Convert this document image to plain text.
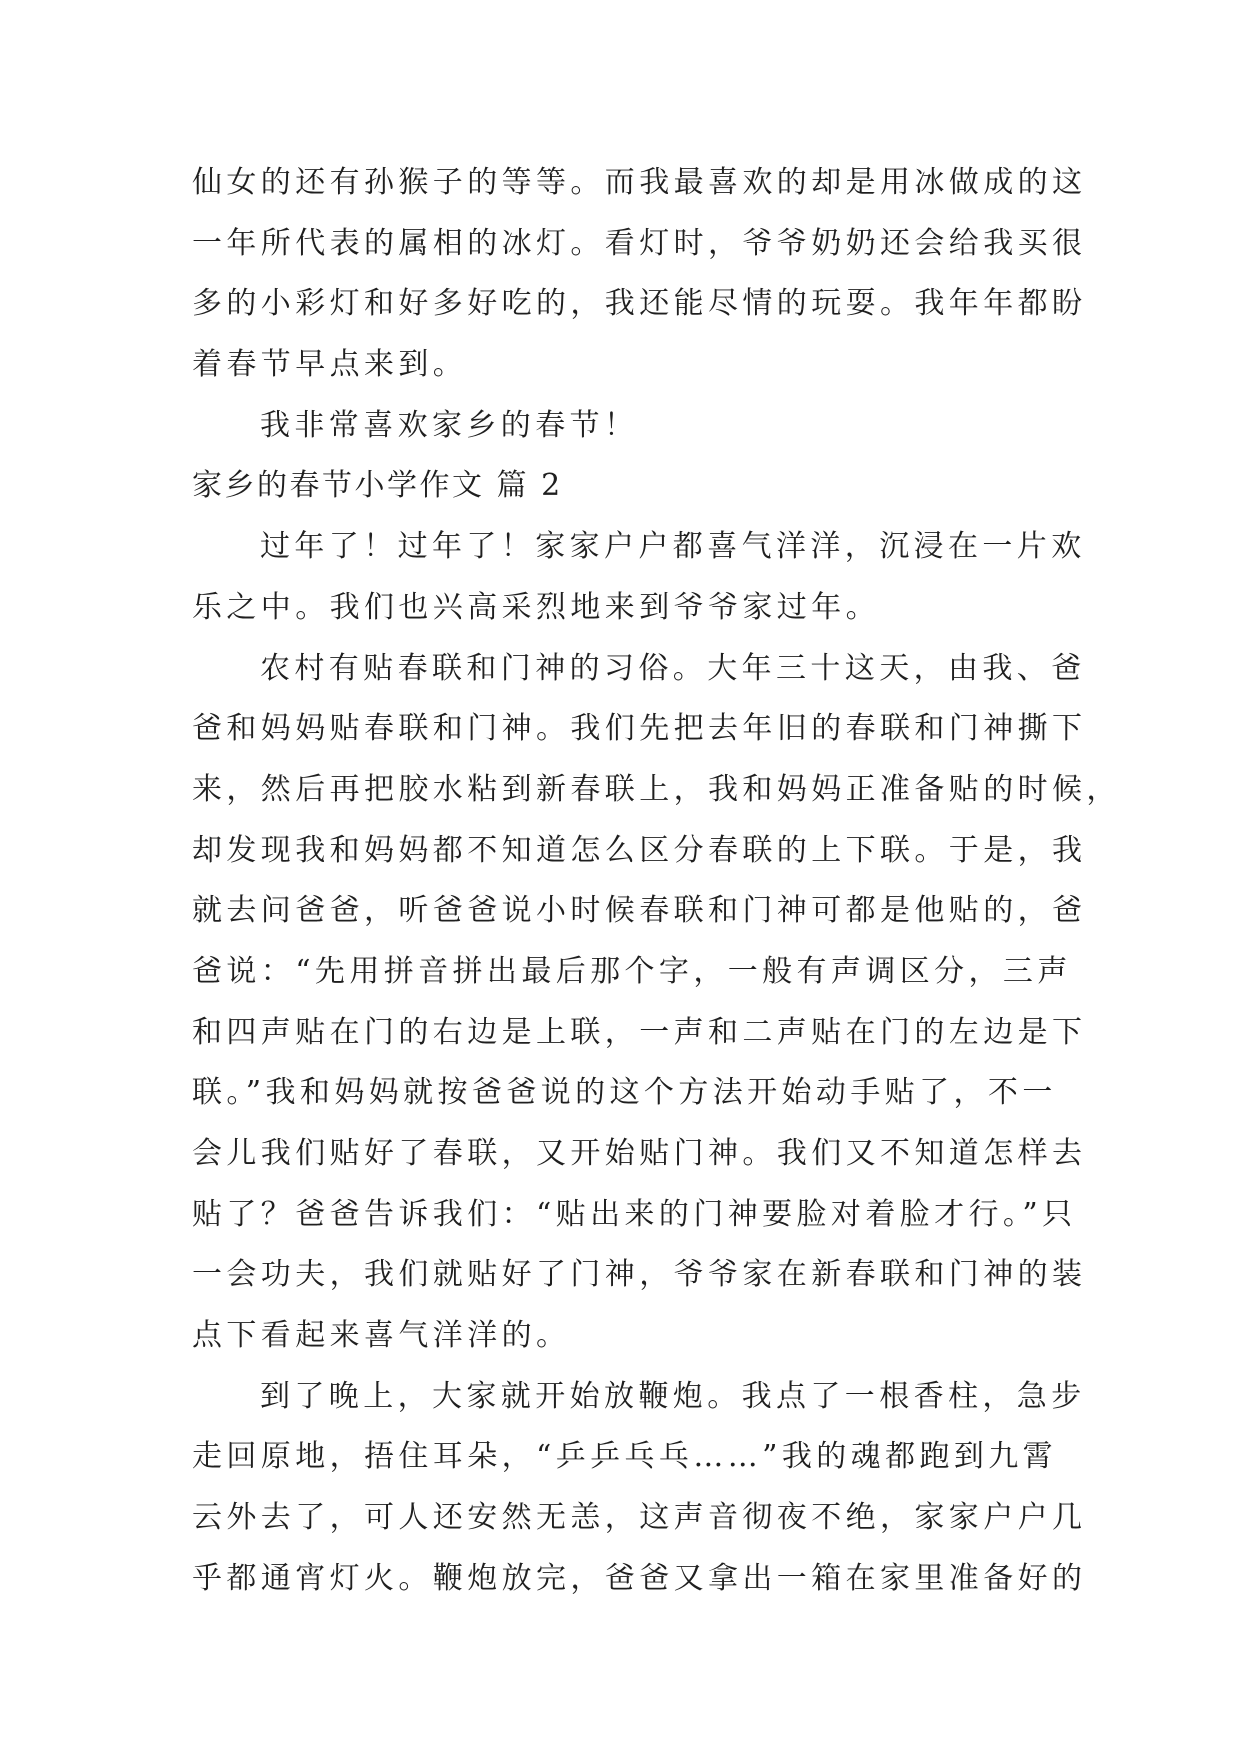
仙女的还有孙猴子的等等。而我最喜欢的却是用冰做成的这
一年所代表的属相的冰灯。看灯时，爷爷奶奶还会给我买很
多的小彩灯和好多好吃的，我还能尽情的玩耍。我年年都盼
着春节早点来到。
我非常喜欢家乡的春节！
家乡的春节小学作文 篇 2
过年了！过年了！家家户户都喜气洋洋，沉浸在一片欢
乐之中。我们也兴高采烈地来到爷爷家过年。
农村有贴春联和门神的习俗。大年三十这天，由我、爸
爸和妈妈贴春联和门神。我们先把去年旧的春联和门神撕下
来，然后再把胶水粘到新春联上，我和妈妈正准备贴的时候，
却发现我和妈妈都不知道怎么区分春联的上下联。于是，我
就去问爸爸，听爸爸说小时候春联和门神可都是他贴的，爸
爸说：“先用拼音拼出最后那个字，一般有声调区分，三声
和四声贴在门的右边是上联，一声和二声贴在门的左边是下
联。”我和妈妈就按爸爸说的这个方法开始动手贴了，不一
会儿我们贴好了春联，又开始贴门神。我们又不知道怎样去
贴了？爸爸告诉我们：“贴出来的门神要脸对着脸才行。”只
一会功夫，我们就贴好了门神，爷爷家在新春联和门神的装
点下看起来喜气洋洋的。
到了晚上，大家就开始放鞭炮。我点了一根香柱，急步
走回原地，捂住耳朵，“乒乒乓乓……”我的魂都跑到九霄
云外去了，可人还安然无恙，这声音彻夜不绝，家家户户几
乎都通宵灯火。鞭炮放完，爸爸又拿出一箱在家里准备好的
